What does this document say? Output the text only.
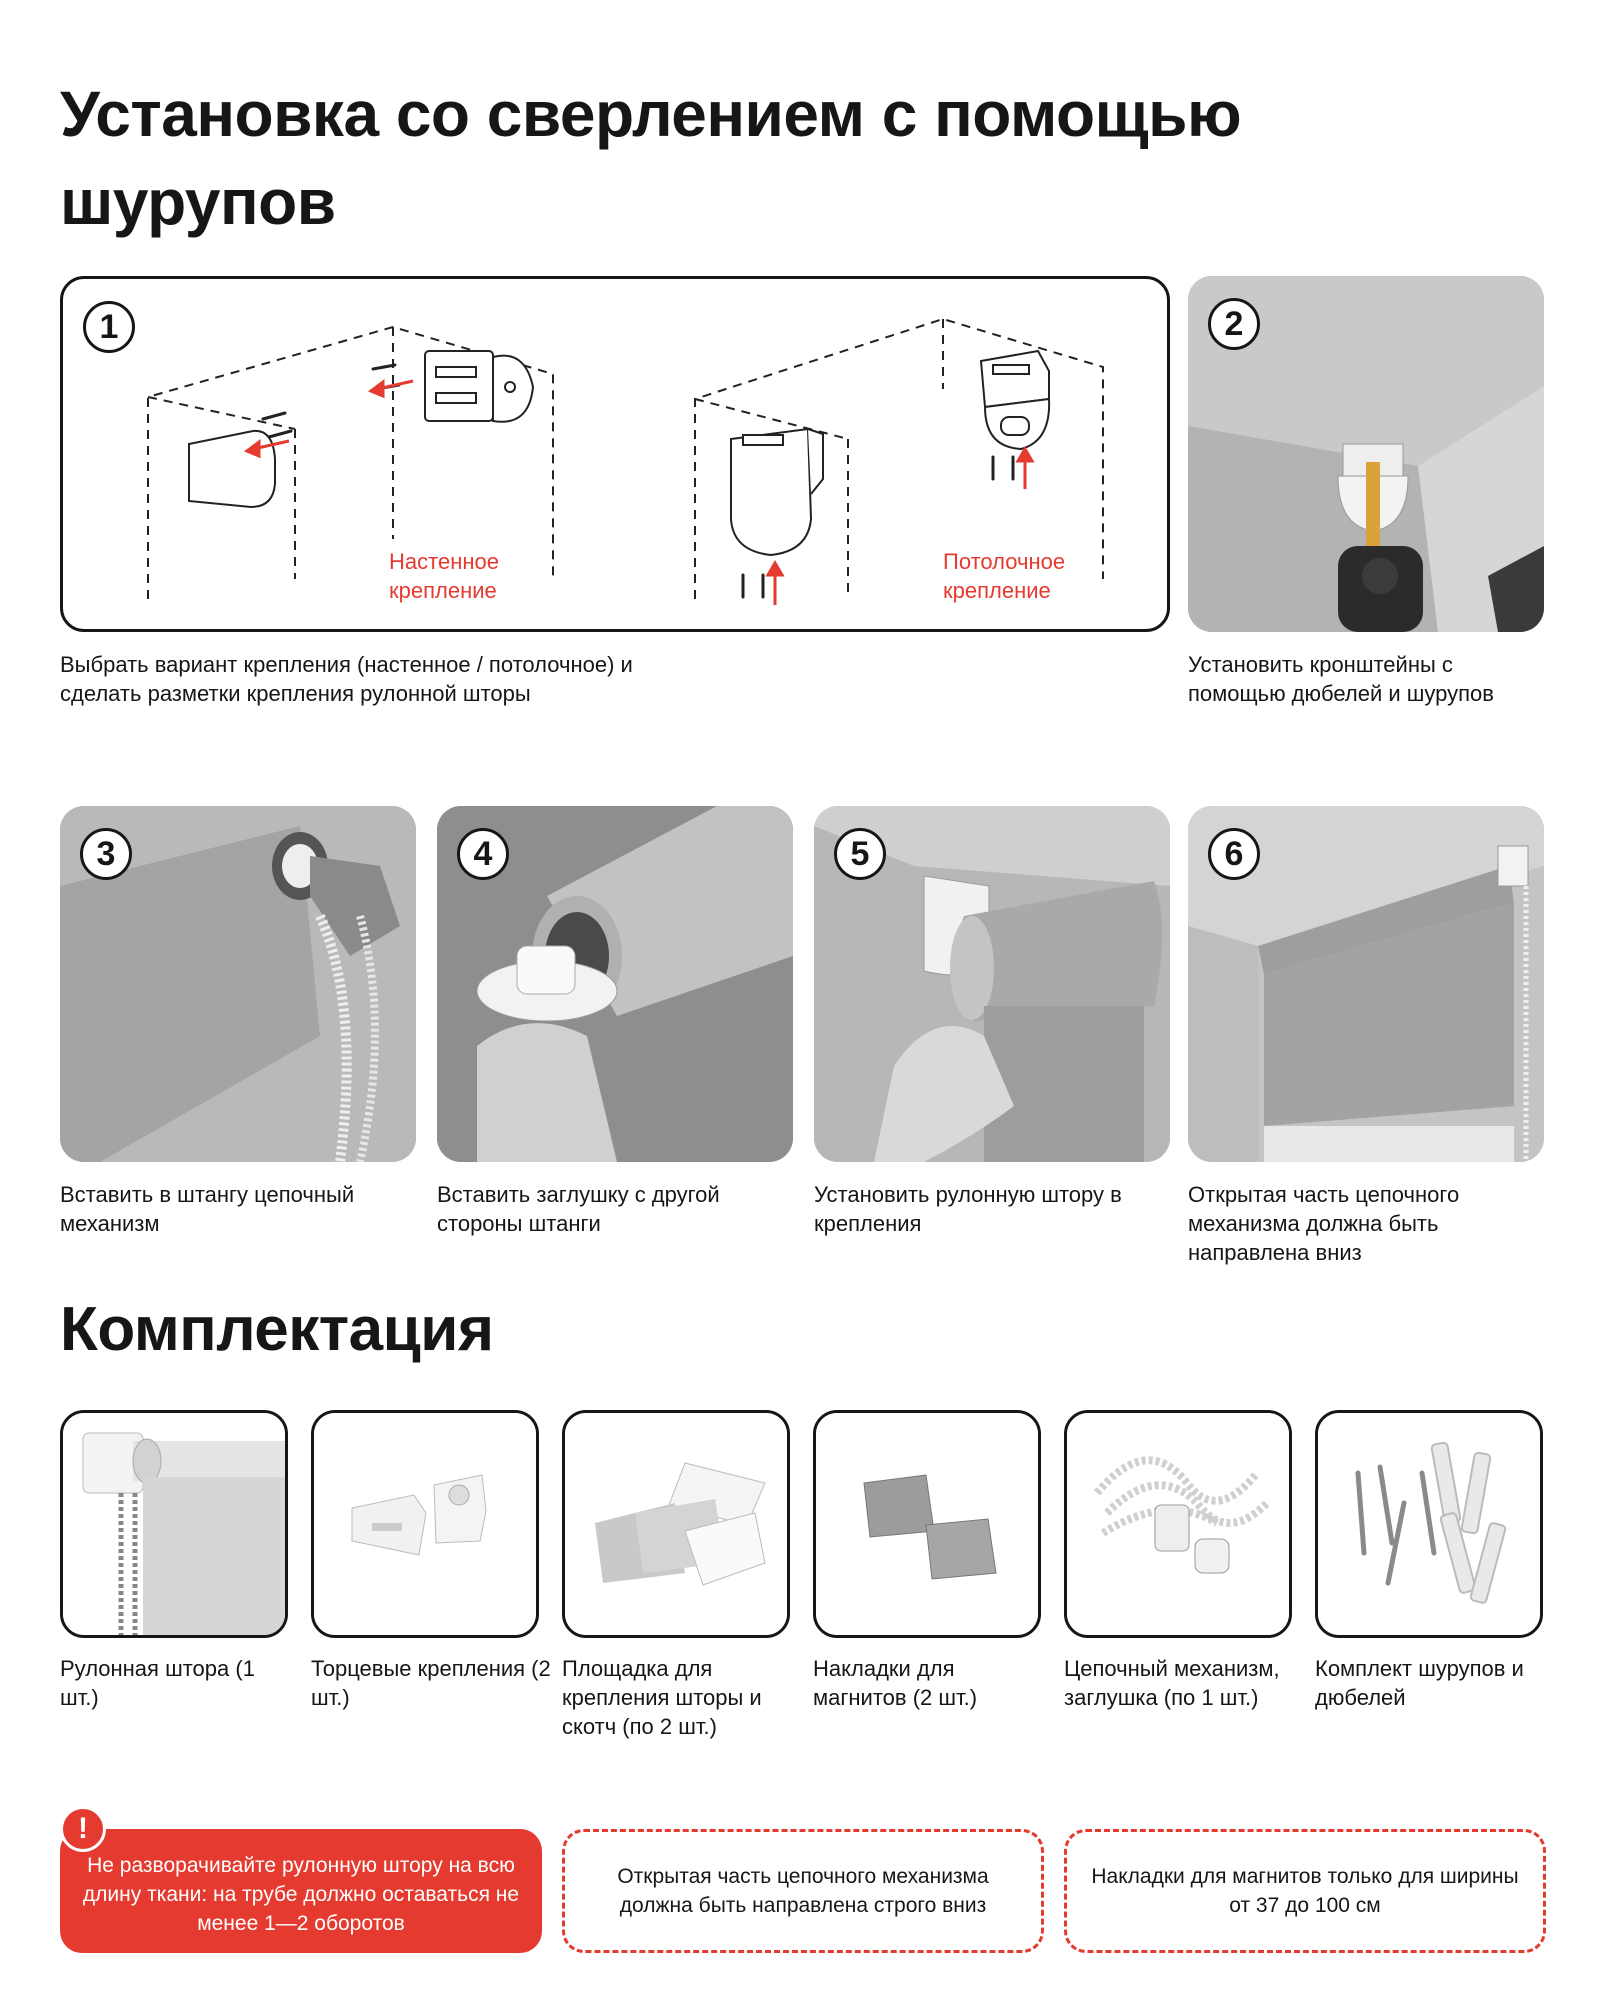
Установка со сверлением с помощью шурупов
1
Настенное крепление
Потолочное крепление
Выбрать вариант крепления (настенное / потолочное) и сделать разметки крепления рулонной шторы
2
Установить кронштейны с помощью дюбелей и шурупов
3
Вставить в штангу цепочный механизм
4
Вставить заглушку с другой стороны штанги
5
Установить рулонную штору в крепления
6
Открытая часть цепочного механизма должна быть направлена вниз
Комплектация
Рулонная штора (1 шт.)
Торцевые крепления (2 шт.)
Площадка для крепления шторы и скотч (по 2 шт.)
Накладки для магнитов (2 шт.)
Цепочный механизм, заглушка (по 1 шт.)
Комплект шурупов и дюбелей
Не разворачивайте рулонную штору на всю длину ткани: на трубе должно оставаться не менее 1—2 оборотов
!
Открытая часть цепочного механизма должна быть направлена строго вниз
Накладки для магнитов только для ширины от 37 до 100 см
